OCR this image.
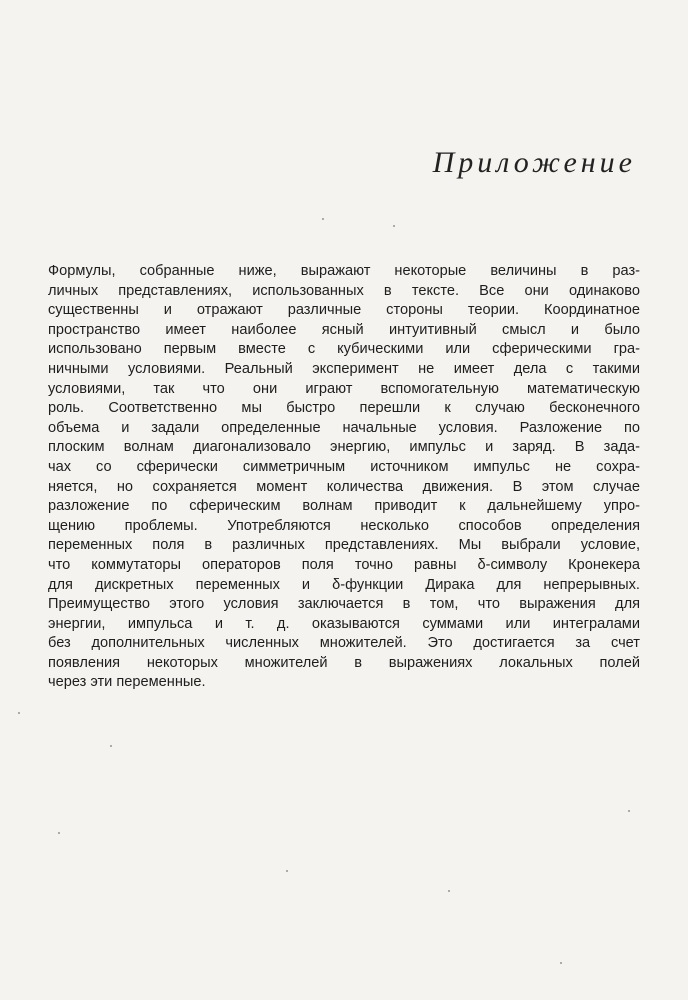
Приложение
Формулы, собранные ниже, выражают некоторые величины в раз-
личных представлениях, использованных в тексте. Все они одинаково
существенны и отражают различные стороны теории. Координатное
пространство имеет наиболее ясный интуитивный смысл и было
использовано первым вместе с кубическими или сферическими гра-
ничными условиями. Реальный эксперимент не имеет дела с такими
условиями, так что они играют вспомогательную математическую
роль. Соответственно мы быстро перешли к случаю бесконечного
объема и задали определенные начальные условия. Разложение по
плоским волнам диагонализовало энергию, импульс и заряд. В зада-
чах со сферически симметричным источником импульс не сохра-
няется, но сохраняется момент количества движения. В этом случае
разложение по сферическим волнам приводит к дальнейшему упро-
щению проблемы. Употребляются несколько способов определения
переменных поля в различных представлениях. Мы выбрали условие,
что коммутаторы операторов поля точно равны δ-символу Кронекера
для дискретных переменных и δ-функции Дирака для непрерывных.
Преимущество этого условия заключается в том, что выражения для
энергии, импульса и т. д. оказываются суммами или интегралами
без дополнительных численных множителей. Это достигается за счет
появления некоторых множителей в выражениях локальных полей
через эти переменные.
